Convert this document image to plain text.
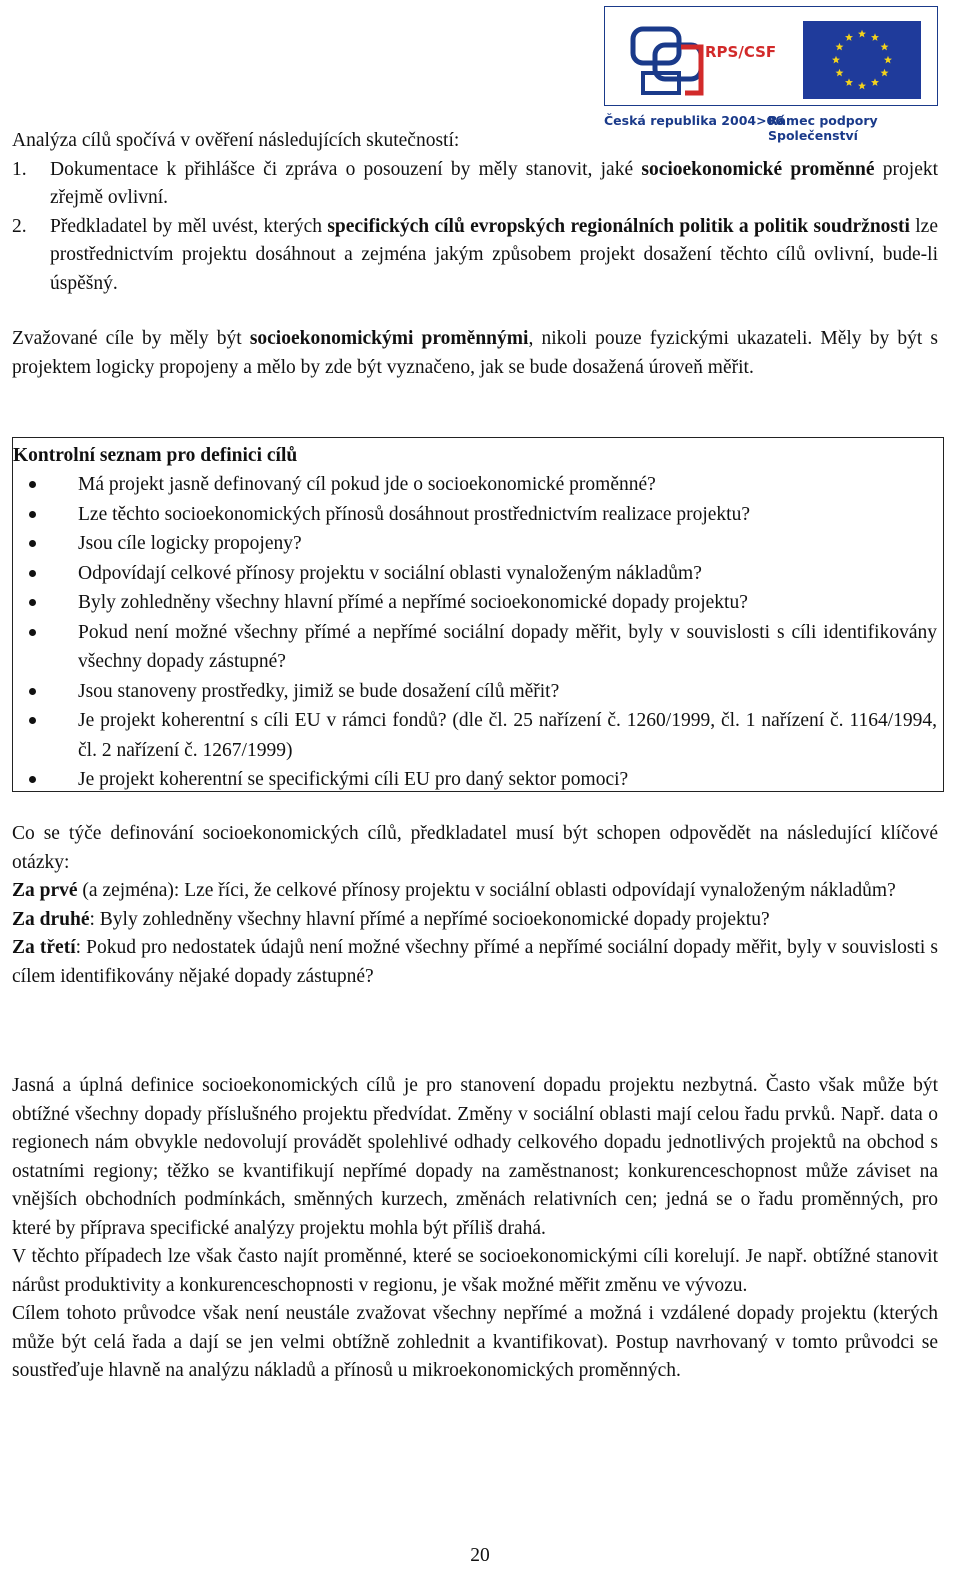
RPS/CSF
Česká republika 2004>06
Rámec podpory Společenství

Analýza cílů spočívá v ověření následujících skutečností:

1. Dokumentace k přihlášce či zpráva o posouzení by měly stanovit, jaké socioekonomické proměnné projekt zřejmě ovlivní.
2. Předkladatel by měl uvést, kterých specifických cílů evropských regionálních politik a politik soudržnosti lze prostřednictvím projektu dosáhnout a zejména jakým způsobem projekt dosažení těchto cílů ovlivní, bude-li úspěšný.

Zvažované cíle by měly být socioekonomickými proměnnými, nikoli pouze fyzickými ukazateli. Měly by být s projektem logicky propojeny a mělo by zde být vyznačeno, jak se bude dosažená úroveň měřit.

Kontrolní seznam pro definici cílů
Má projekt jasně definovaný cíl pokud jde o socioekonomické proměnné?
Lze těchto socioekonomických přínosů dosáhnout prostřednictvím realizace projektu?
Jsou cíle logicky propojeny?
Odpovídají celkové přínosy projektu v sociální oblasti vynaloženým nákladům?
Byly zohledněny všechny hlavní přímé a nepřímé socioekonomické dopady projektu?
Pokud není možné všechny přímé a nepřímé sociální dopady měřit, byly v souvislosti s cíli identifikovány všechny dopady zástupné?
Jsou stanoveny prostředky, jimiž se bude dosažení cílů měřit?
Je projekt koherentní s cíli EU v rámci fondů? (dle čl. 25 nařízení č. 1260/1999, čl. 1 nařízení č. 1164/1994, čl. 2 nařízení č. 1267/1999)
Je projekt koherentní se specifickými cíli EU pro daný sektor pomoci?

Co se týče definování socioekonomických cílů, předkladatel musí být schopen odpovědět na následující klíčové otázky:

Za prvé (a zejména): Lze říci, že celkové přínosy projektu v sociální oblasti odpovídají vynaloženým nákladům?

Za druhé: Byly zohledněny všechny hlavní přímé a nepřímé socioekonomické dopady projektu?

Za třetí: Pokud pro nedostatek údajů není možné všechny přímé a nepřímé sociální dopady měřit, byly v souvislosti s cílem identifikovány nějaké dopady zástupné?

Jasná a úplná definice socioekonomických cílů je pro stanovení dopadu projektu nezbytná. Často však může být obtížné všechny dopady příslušného projektu předvídat. Změny v sociální oblasti mají celou řadu prvků. Např. data o regionech nám obvykle nedovolují provádět spolehlivé odhady celkového dopadu jednotlivých projektů na obchod s ostatními regiony; těžko se kvantifikují nepřímé dopady na zaměstnanost; konkurenceschopnost může záviset na vnějších obchodních podmínkách, směnných kurzech, změnách relativních cen; jedná se o řadu proměnných, pro které by příprava specifické analýzy projektu mohla být příliš drahá.

V těchto případech lze však často najít proměnné, které se socioekonomickými cíli korelují. Je např. obtížné stanovit nárůst produktivity a konkurenceschopnosti v regionu, je však možné měřit změnu ve vývozu.

Cílem tohoto průvodce však není neustále zvažovat všechny nepřímé a možná i vzdálené dopady projektu (kterých může být celá řada a dají se jen velmi obtížně zohlednit a kvantifikovat). Postup navrhovaný v tomto průvodci se soustřeďuje hlavně na analýzu nákladů a přínosů u mikroekonomických proměnných.

20
